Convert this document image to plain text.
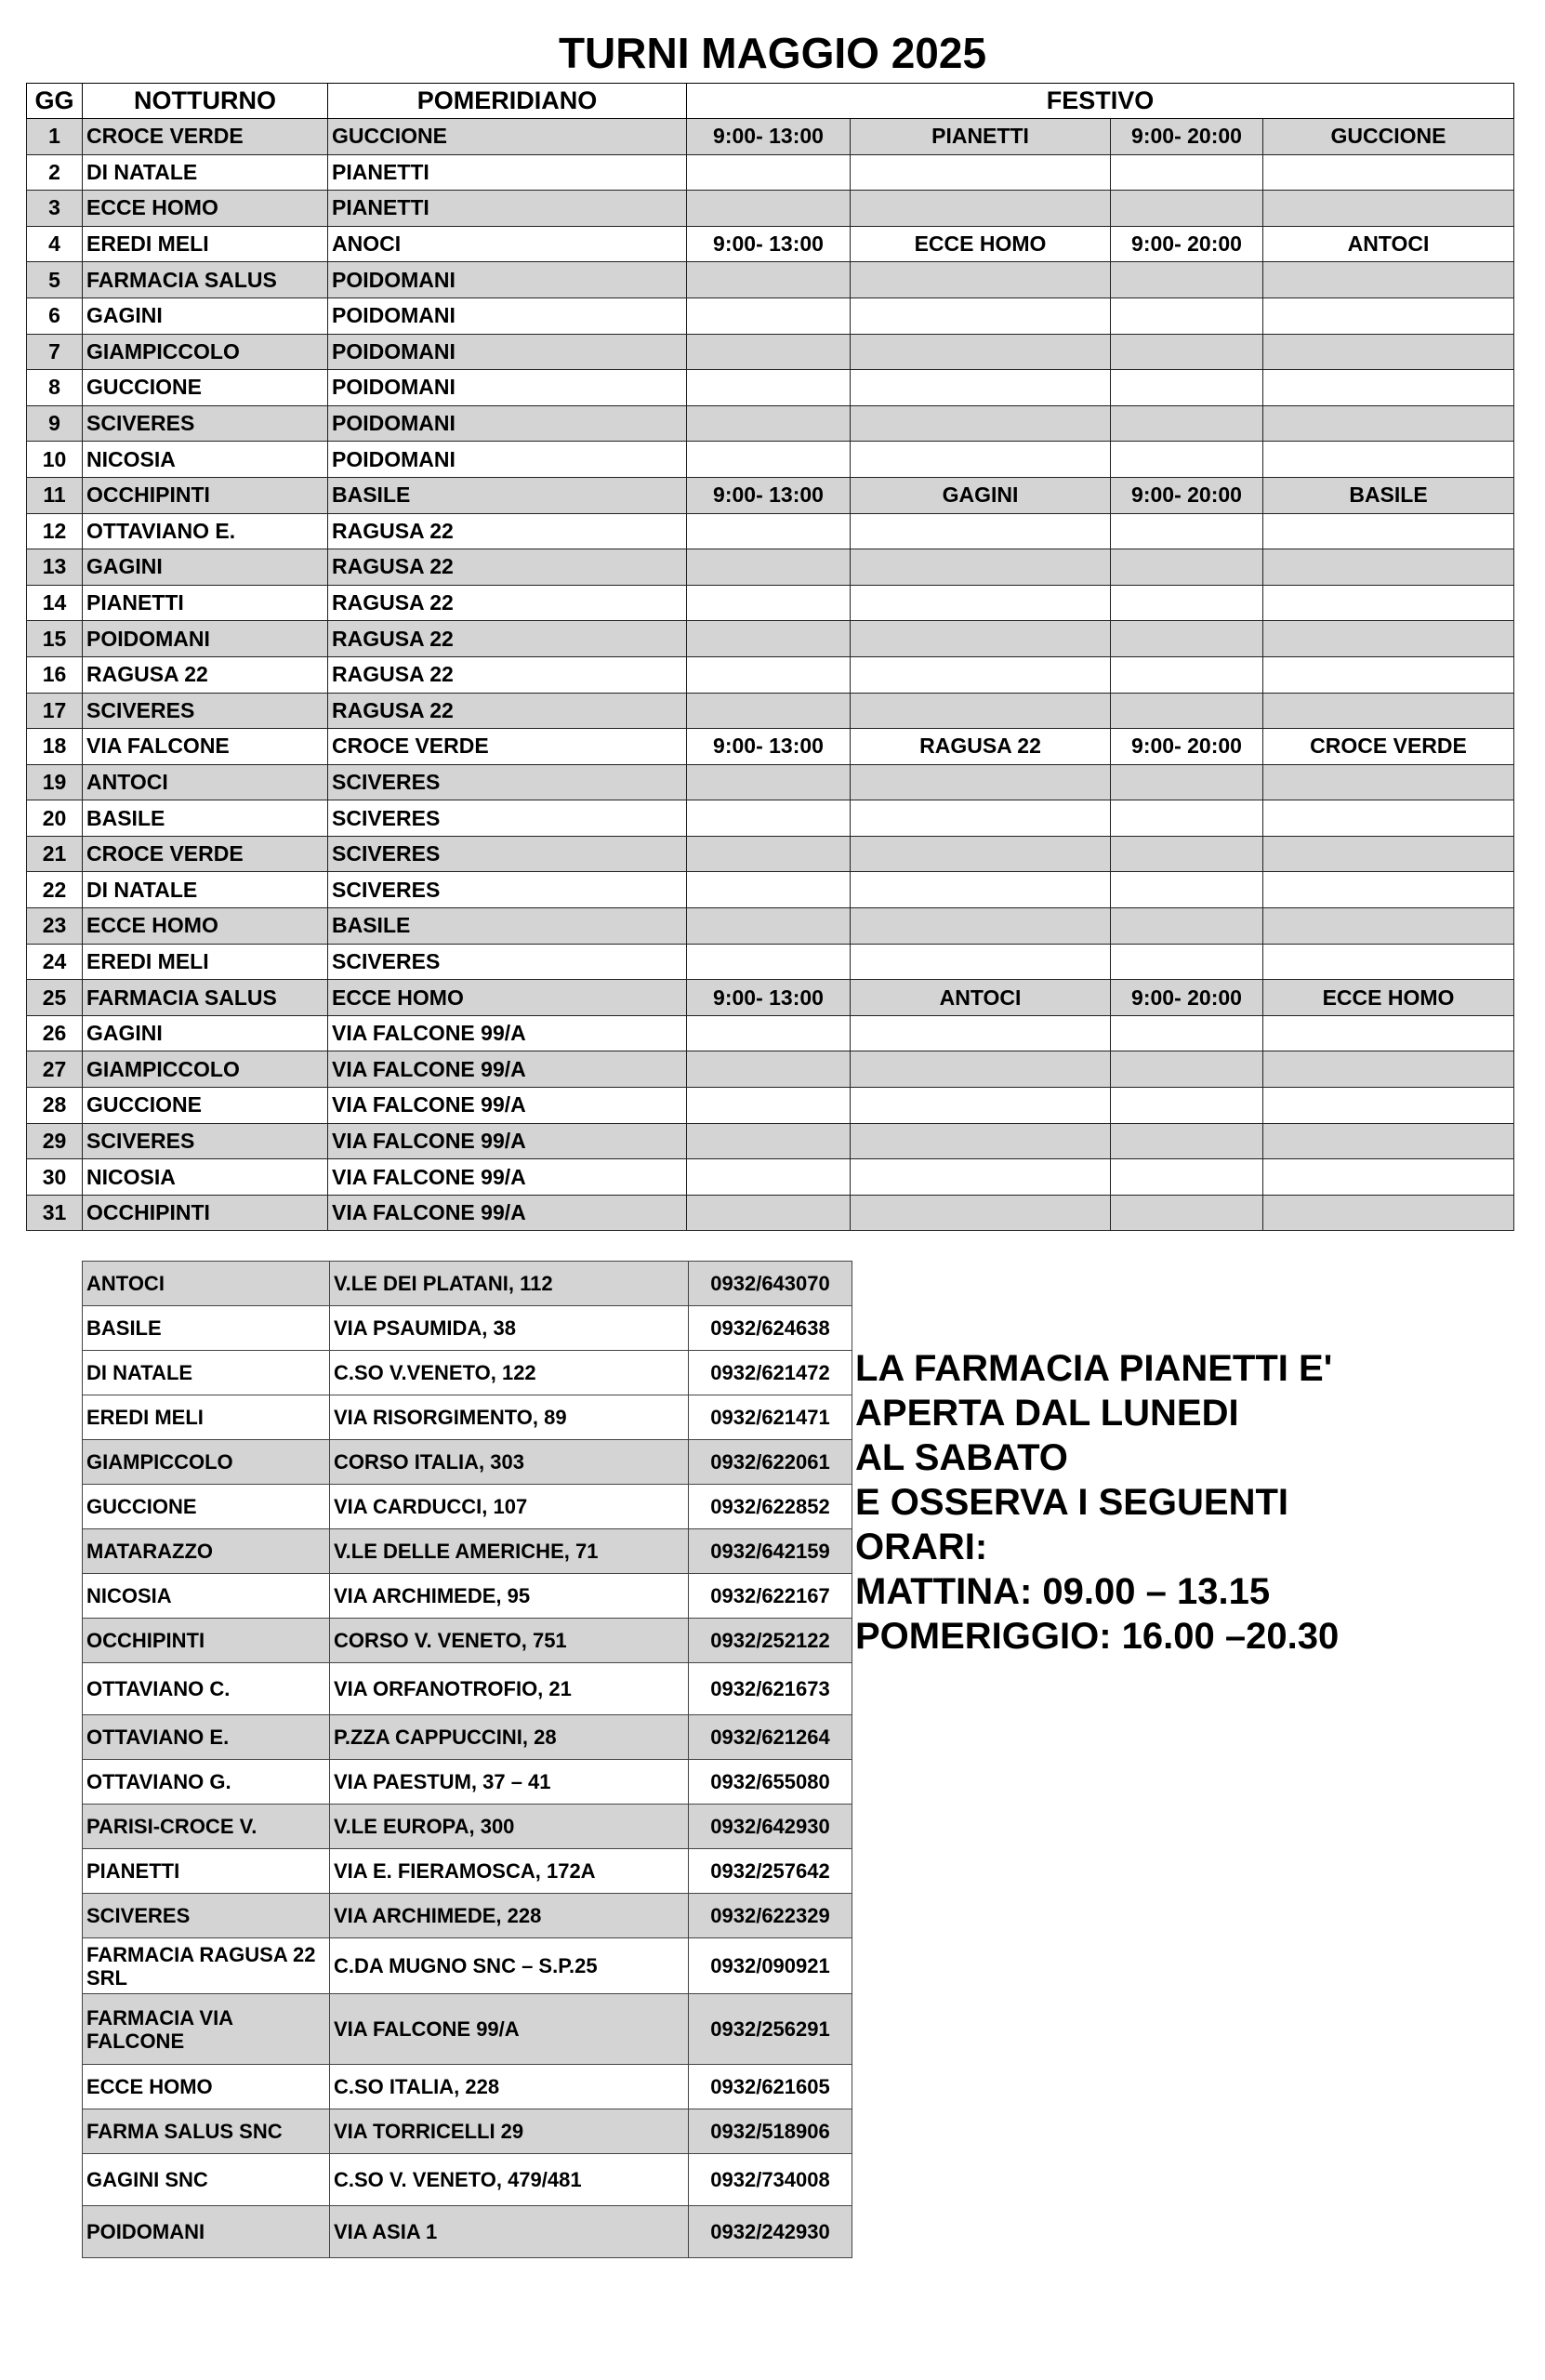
TURNI MAGGIO 2025
GG	NOTTURNO	POMERIDIANO	FESTIVO			
1	CROCE VERDE	GUCCIONE	9:00- 13:00	PIANETTI	9:00- 20:00	GUCCIONE
2	DI NATALE	PIANETTI				
3	ECCE HOMO	PIANETTI				
4	EREDI MELI	ANOCI	9:00- 13:00	ECCE HOMO	9:00- 20:00	ANTOCI
5	FARMACIA SALUS	POIDOMANI				
6	GAGINI	POIDOMANI				
7	GIAMPICCOLO	POIDOMANI				
8	GUCCIONE	POIDOMANI				
9	SCIVERES	POIDOMANI				
10	NICOSIA	POIDOMANI				
11	OCCHIPINTI	BASILE	9:00- 13:00	GAGINI	9:00- 20:00	BASILE
12	OTTAVIANO E.	RAGUSA 22				
13	GAGINI	RAGUSA 22				
14	PIANETTI	RAGUSA 22				
15	POIDOMANI	RAGUSA 22				
16	RAGUSA 22	RAGUSA 22				
17	SCIVERES	RAGUSA 22				
18	VIA FALCONE	CROCE VERDE	9:00- 13:00	RAGUSA 22	9:00- 20:00	CROCE VERDE
19	ANTOCI	SCIVERES				
20	BASILE	SCIVERES				
21	CROCE VERDE	SCIVERES				
22	DI NATALE	SCIVERES				
23	ECCE HOMO	BASILE				
24	EREDI MELI	SCIVERES				
25	FARMACIA SALUS	ECCE HOMO	9:00- 13:00	ANTOCI	9:00- 20:00	ECCE HOMO
26	GAGINI	VIA FALCONE 99/A				
27	GIAMPICCOLO	VIA FALCONE 99/A				
28	GUCCIONE	VIA FALCONE 99/A				
29	SCIVERES	VIA FALCONE 99/A				
30	NICOSIA	VIA FALCONE 99/A				
31	OCCHIPINTI	VIA FALCONE 99/A				
ANTOCI	V.LE DEI PLATANI, 112	0932/643070
BASILE	VIA PSAUMIDA, 38	0932/624638
DI NATALE	C.SO V.VENETO, 122	0932/621472
EREDI MELI	VIA RISORGIMENTO, 89	0932/621471
GIAMPICCOLO	CORSO ITALIA, 303	0932/622061
GUCCIONE	VIA CARDUCCI, 107	0932/622852
MATARAZZO	V.LE DELLE AMERICHE, 71	0932/642159
NICOSIA	VIA ARCHIMEDE, 95	0932/622167
OCCHIPINTI	CORSO V. VENETO, 751	0932/252122
OTTAVIANO C.	VIA ORFANOTROFIO, 21	0932/621673
OTTAVIANO E.	P.ZZA CAPPUCCINI, 28	0932/621264
OTTAVIANO G.	VIA PAESTUM, 37 – 41	0932/655080
PARISI-CROCE V.	V.LE EUROPA, 300	0932/642930
PIANETTI	VIA E. FIERAMOSCA, 172A	0932/257642
SCIVERES	VIA ARCHIMEDE, 228	0932/622329
FARMACIA RAGUSA 22 SRL	C.DA MUGNO SNC – S.P.25	0932/090921
FARMACIA VIA FALCONE	VIA FALCONE 99/A	0932/256291
ECCE HOMO	C.SO ITALIA, 228	0932/621605
FARMA SALUS SNC	VIA TORRICELLI 29	0932/518906
GAGINI SNC	C.SO V. VENETO, 479/481	0932/734008
POIDOMANI	VIA ASIA 1	0932/242930
LA FARMACIA PIANETTI E'
APERTA DAL LUNEDI
AL SABATO
E OSSERVA I SEGUENTI
ORARI:
MATTINA: 09.00 – 13.15
POMERIGGIO: 16.00 –20.30
